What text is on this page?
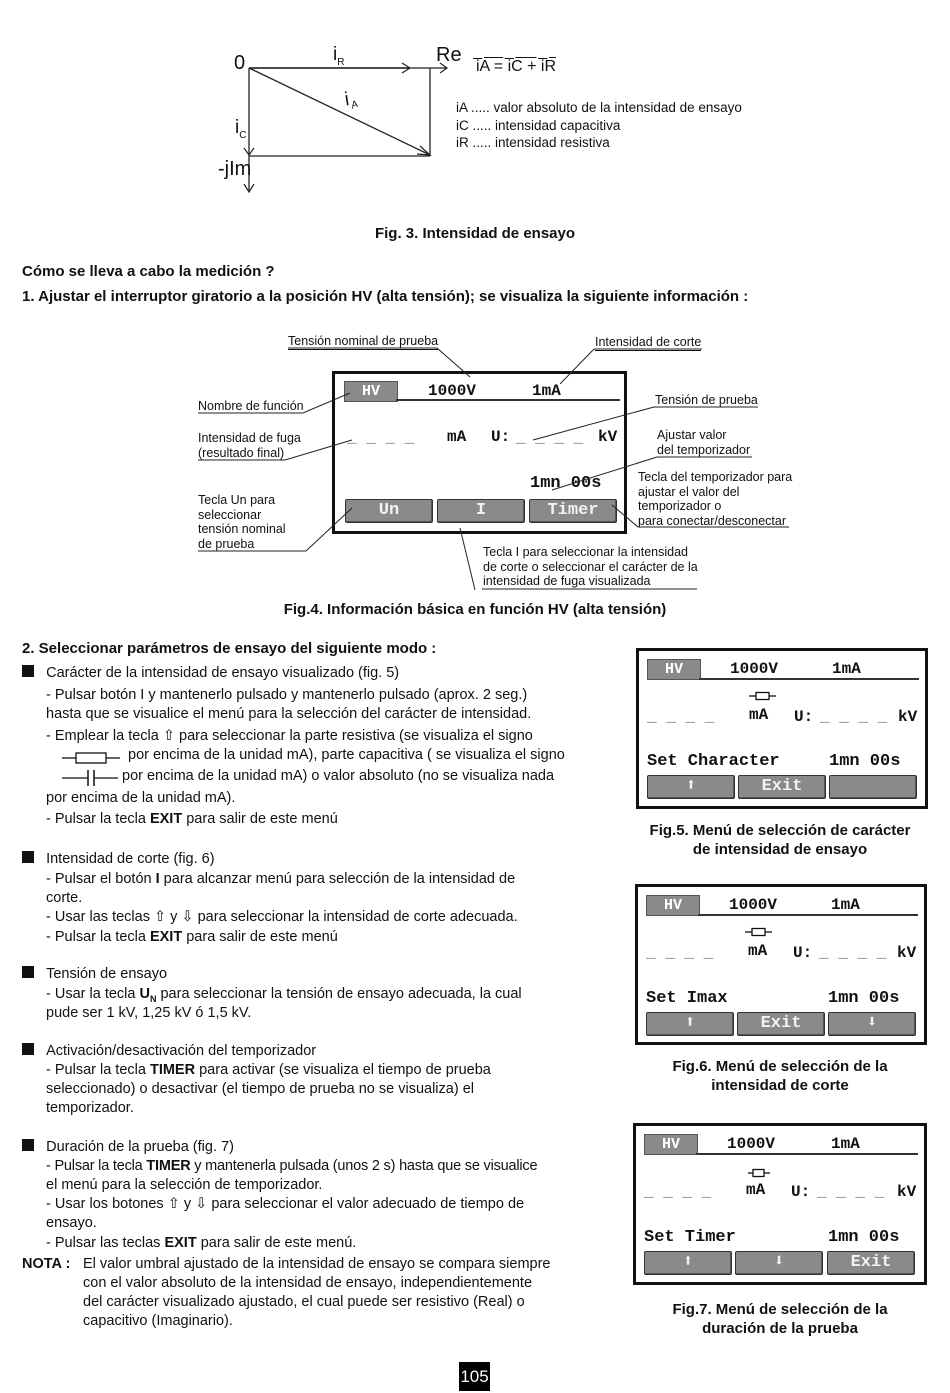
0	Re
-jIm
$i_R$
$i_C$
$i_A$
i̅A = i̅C + i̅R
iA ..... valor absoluto de la intensidad de ensayo
iC ..... intensidad capacitiva
iR ..... intensidad resistiva
Fig. 3. Intensidad de ensayo
Cómo se lleva a cabo la medición ?
1. Ajustar el interruptor giratorio a la posición HV (alta tensión); se visualiza la siguiente información :
HV	1000V	1mA
_ _ _ _ mA U: _ _ _ _ kV
1mn 00s
Un	I	Timer
Tensión nominal de prueba	Intensidad de corte
Nombre de función	Tensión de prueba
Intensidad de fuga
(resultado final)
Ajustar valor
del temporizador
Tecla del temporizador para
ajustar el valor del
temporizador o
para conectar/desconectar
Tecla Un para
seleccionar
tensión nominal
de prueba
Tecla I para seleccionar la intensidad
de corte o seleccionar el carácter de la
intensidad de fuga visualizada
Fig.4. Información básica en función HV (alta tensión)
2. Seleccionar parámetros de ensayo del siguiente modo :
Carácter de la intensidad de ensayo visualizado (fig. 5)
- Pulsar botón I y mantenerlo pulsado y mantenerlo pulsado (aprox. 2 seg.)
hasta que se visualice el menú para la selección del carácter de intensidad.
- Emplear la tecla ⇧ para seleccionar la parte resistiva (se visualiza el signo
por encima de la unidad mA), parte capacitiva ( se visualiza el signo
por encima de la unidad mA) o valor absoluto (no se visualiza nada
por encima de la unidad mA).
- Pulsar la tecla EXIT para salir de este menú
Intensidad de corte (fig. 6)
- Pulsar el botón I para alcanzar menú para selección de la intensidad de
corte.
- Usar las teclas ⇧ y ⇩ para seleccionar la intensidad de corte adecuada.
- Pulsar la tecla EXIT para salir de este menú
Tensión de ensayo
- Usar la tecla $U_N$ para seleccionar la tensión de ensayo adecuada, la cual
pude ser 1 kV, 1,25 kV ó 1,5 kV.
Activación/desactivación del temporizador
- Pulsar la tecla TIMER para activar (se visualiza el tiempo de prueba
seleccionado) o desactivar (el tiempo de prueba no se visualiza) el
temporizador.
Duración de la prueba (fig. 7)
- Pulsar la tecla TIMER y mantenerla pulsada (unos 2 s) hasta que se visualice
el menú para la selección de temporizador.
- Usar los botones ⇧ y ⇩ para seleccionar el valor adecuado de tiempo de
ensayo.
- Pulsar las teclas EXIT para salir de este menú.
NOTA : El valor umbral ajustado de la intensidad de ensayo se compara siempre
con el valor absoluto de la intensidad de ensayo, independientemente
del carácter visualizado ajustado, el cual puede ser resistivo (Real) o
capacitivo (Imaginario).
HV	1000V	1mA
_ _ _ _ mA U: _ _ _ _ kV
Set Character	1mn 00s
⬆	Exit
Fig.5. Menú de selección de carácter
de intensidad de ensayo
HV	1000V	1mA
_ _ _ _ mA U: _ _ _ _ kV
Set Imax	1mn 00s
⬆	Exit	⬇
Fig.6. Menú de selección de la
intensidad de corte
HV	1000V	1mA
_ _ _ _ mA U: _ _ _ _ kV
Set Timer	1mn 00s
⬆	⬇	Exit
Fig.7. Menú de selección de la
duración de la prueba
105
